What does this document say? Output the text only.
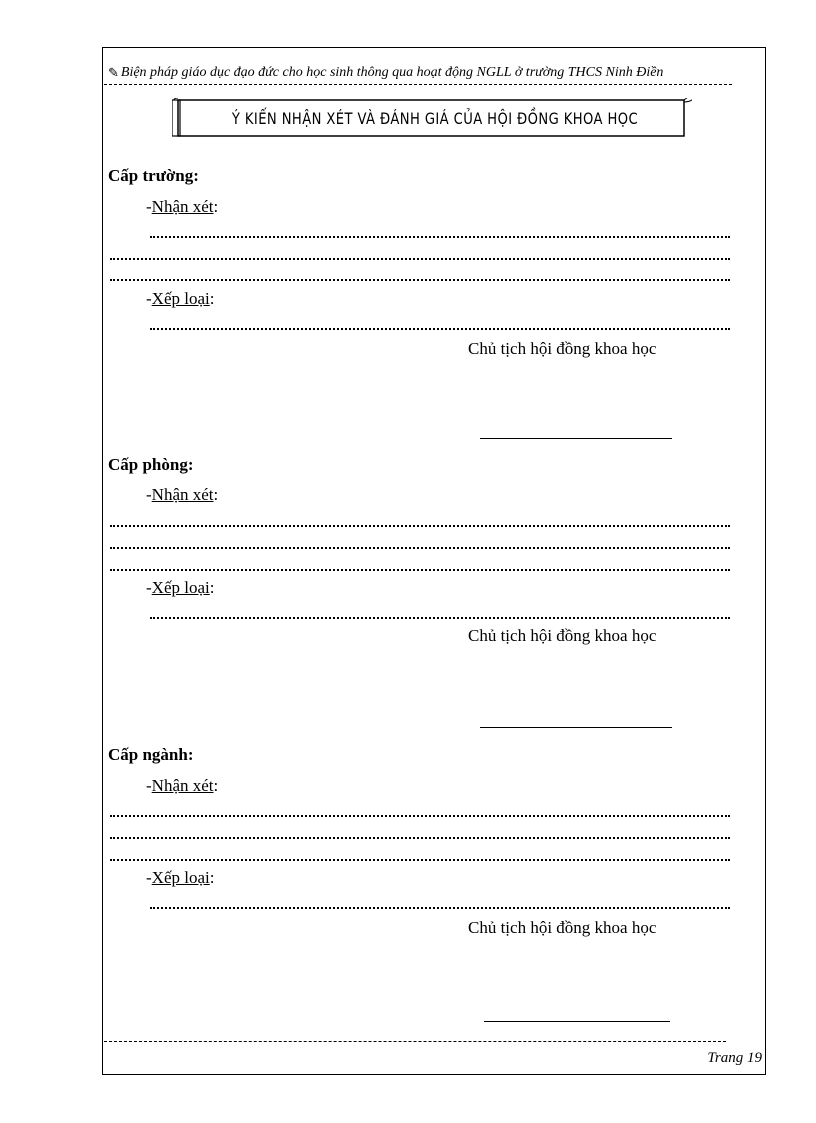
✎ Biện pháp giáo dục đạo đức cho học sinh thông qua hoạt động NGLL ở trường THCS Ninh Điền
Ý KIẾN NHẬN XÉT VÀ ĐÁNH GIÁ CỦA HỘI ĐỒNG KHOA HỌC
Cấp trường:
-Nhận xét:
-Xếp loại:
Chủ tịch hội đồng khoa học
Cấp phòng:
-Nhận xét:
-Xếp loại:
Chủ tịch hội đồng khoa học
Cấp ngành:
-Nhận xét:
-Xếp loại:
Chủ tịch hội đồng khoa học
Trang 19
